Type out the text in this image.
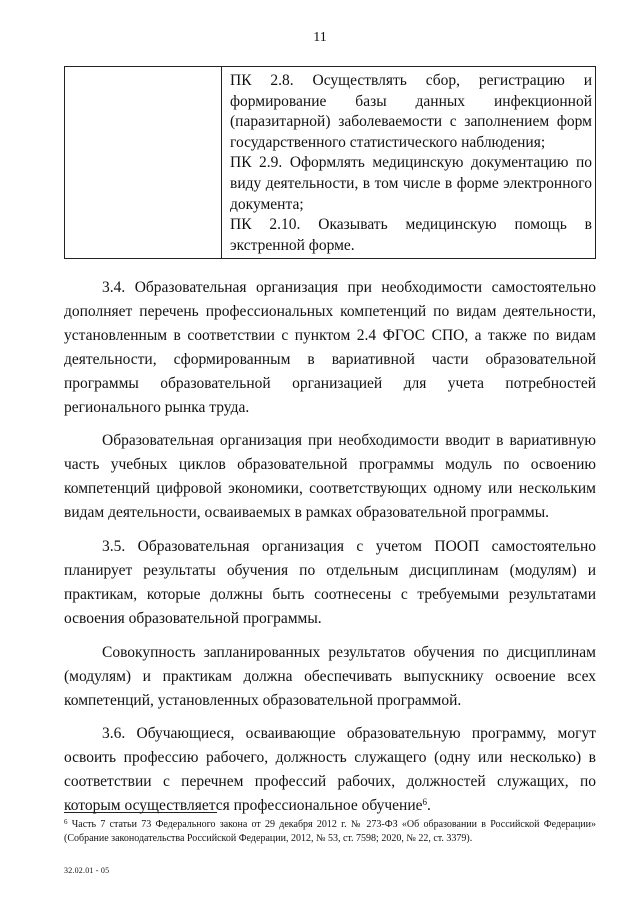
11

ПК 2.8. Осуществлять сбор, регистрацию и формирование базы данных инфекционной (паразитарной) заболеваемости с заполнением форм государственного статистического наблюдения;

ПК 2.9. Оформлять медицинскую документацию по виду деятельности, в том числе в форме электронного документа;

ПК 2.10. Оказывать медицинскую помощь в экстренной форме.

3.4. Образовательная организация при необходимости самостоятельно дополняет перечень профессиональных компетенций по видам деятельности, установленным в соответствии с пунктом 2.4 ФГОС СПО, а также по видам деятельности, сформированным в вариативной части образовательной программы образовательной организацией для учета потребностей регионального рынка труда.

Образовательная организация при необходимости вводит в вариативную часть учебных циклов образовательной программы модуль по освоению компетенций цифровой экономики, соответствующих одному или нескольким видам деятельности, осваиваемых в рамках образовательной программы.

3.5. Образовательная организация с учетом ПООП самостоятельно планирует результаты обучения по отдельным дисциплинам (модулям) и практикам, которые должны быть соотнесены с требуемыми результатами освоения образовательной программы.

Совокупность запланированных результатов обучения по дисциплинам (модулям) и практикам должна обеспечивать выпускнику освоение всех компетенций, установленных образовательной программой.

3.6. Обучающиеся, осваивающие образовательную программу, могут освоить профессию рабочего, должность служащего (одну или несколько) в соответствии с перечнем профессий рабочих, должностей служащих, по которым осуществляется профессиональное обучение$^6$.

$^6$ Часть 7 статьи 73 Федерального закона от 29 декабря 2012 г. № 273-ФЗ «Об образовании в Российской Федерации» (Собрание законодательства Российской Федерации, 2012, № 53, ст. 7598; 2020, № 22, ст. 3379).
32.02.01 - 05
